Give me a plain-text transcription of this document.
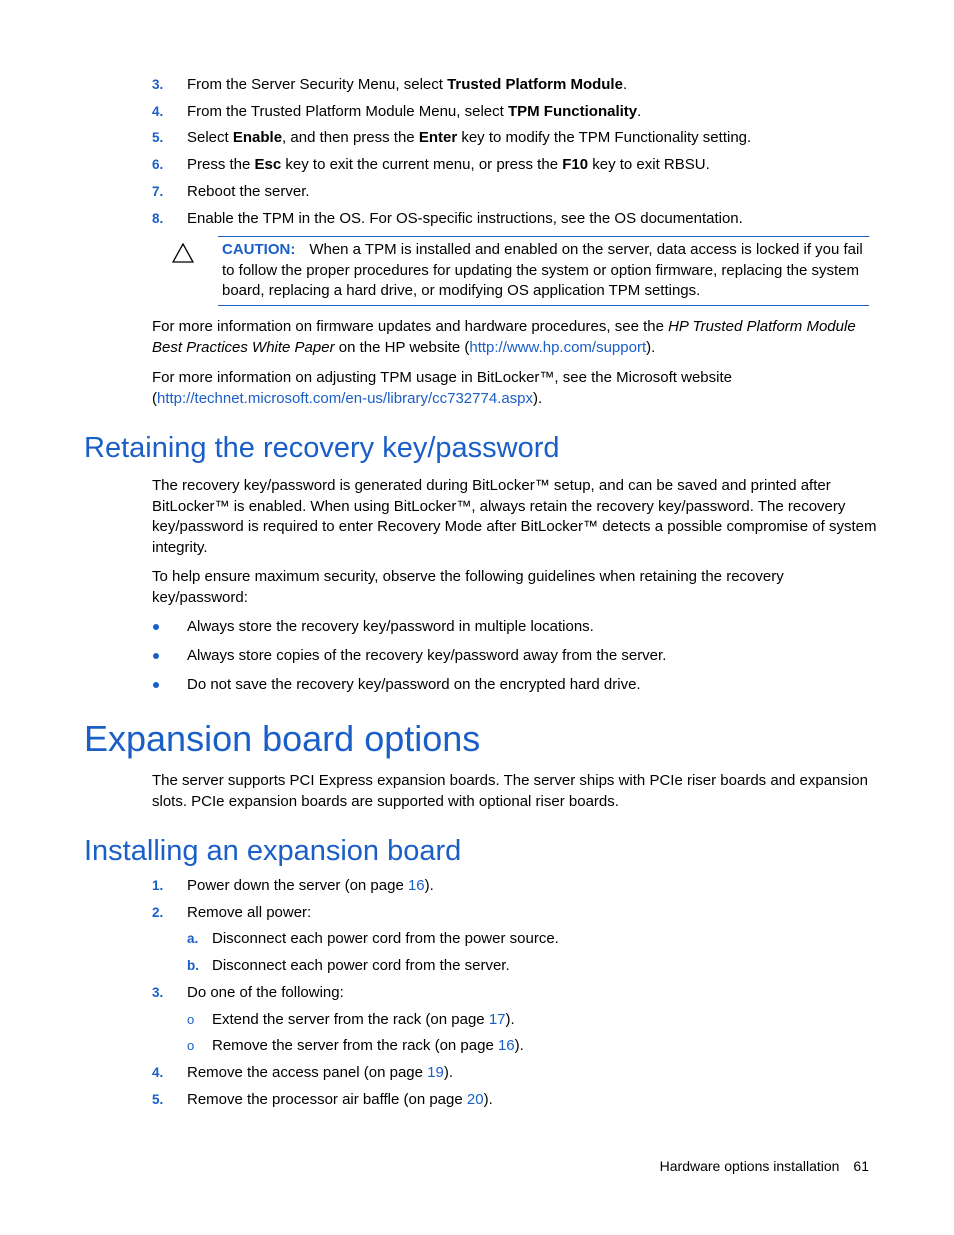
3. From the Server Security Menu, select Trusted Platform Module.
4. From the Trusted Platform Module Menu, select TPM Functionality.
5. Select Enable, and then press the Enter key to modify the TPM Functionality setting.
6. Press the Esc key to exit the current menu, or press the F10 key to exit RBSU.
7. Reboot the server.
8. Enable the TPM in the OS. For OS-specific instructions, see the OS documentation.
CAUTION: When a TPM is installed and enabled on the server, data access is locked if you fail
to follow the proper procedures for updating the system or option firmware, replacing the system
board, replacing a hard drive, or modifying OS application TPM settings.
For more information on firmware updates and hardware procedures, see the HP Trusted Platform Module
Best Practices White Paper on the HP website (http://www.hp.com/support).
For more information on adjusting TPM usage in BitLocker™, see the Microsoft website
(http://technet.microsoft.com/en-us/library/cc732774.aspx).
Retaining the recovery key/password
The recovery key/password is generated during BitLocker™ setup, and can be saved and printed after
BitLocker™ is enabled. When using BitLocker™, always retain the recovery key/password. The recovery
key/password is required to enter Recovery Mode after BitLocker™ detects a possible compromise of system
integrity.
To help ensure maximum security, observe the following guidelines when retaining the recovery
key/password:
Always store the recovery key/password in multiple locations.
Always store copies of the recovery key/password away from the server.
Do not save the recovery key/password on the encrypted hard drive.
Expansion board options
The server supports PCI Express expansion boards. The server ships with PCIe riser boards and expansion
slots. PCIe expansion boards are supported with optional riser boards.
Installing an expansion board
1. Power down the server (on page 16).
2. Remove all power:
a. Disconnect each power cord from the power source.
b. Disconnect each power cord from the server.
3. Do one of the following:
o Extend the server from the rack (on page 17).
o Remove the server from the rack (on page 16).
4. Remove the access panel (on page 19).
5. Remove the processor air baffle (on page 20).
Hardware options installation 61
